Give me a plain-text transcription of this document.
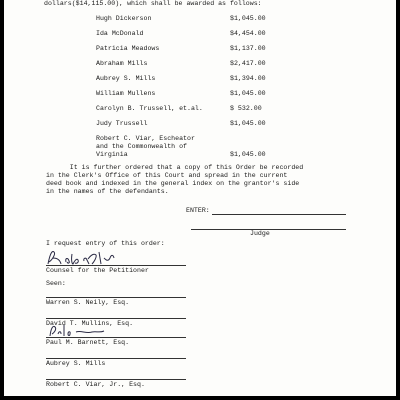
dollars($14,115.00), which shall be awarded as follows:
Hugh Dickerson	$1,045.00
Ida McDonald	$4,454.00
Patricia Meadows	$1,137.00
Abraham Mills	$2,417.00
Aubrey S. Mills	$1,394.00
William Mullens	$1,045.00
Carolyn B. Trussell, et.al.	$ 532.00
Judy Trussell	$1,045.00
Robert C. Viar, Escheator
and the Commonwealth of
Virginia	$1,045.00
It is further ordered that a copy of this Order be recorded
in the Clerk's Office of this Court and spread in the current
deed book and indexed in the general index on the grantor's side
in the names of the defendants.
ENTER:
Judge
I request entry of this order:
Counsel for the Petitioner
Seen:
Warren S. Neily, Esq.
David T. Mullins, Esq.
Paul M. Barnett, Esq.
Aubrey S. Mills
Robert C. Viar, Jr., Esq.
